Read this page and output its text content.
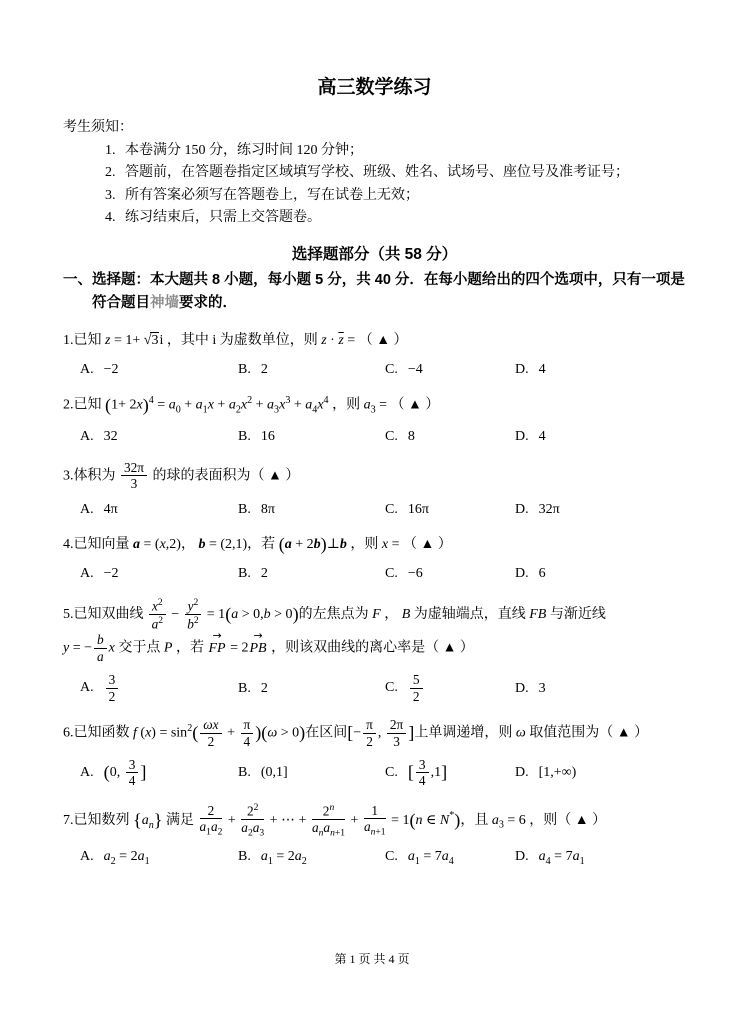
高三数学练习
考生须知：
1. 本卷满分 150 分，练习时间 120 分钟；
2. 答题前，在答题卷指定区域填写学校、班级、姓名、试场号、座位号及准考证号；
3. 所有答案必须写在答题卷上，写在试卷上无效；
4. 练习结束后，只需上交答题卷。
选择题部分（共 58 分）
一、选择题：本大题共 8 小题，每小题 5 分，共 40 分．在每小题给出的四个选项中，只有一项是
符合题目神墙要求的．
1.已知 z = 1+ √3i ，其中 i 为虚数单位，则 $z \cdot \overline{z}$ = （ ▲ ）
A. −2	B. 2	C. −4	D. 4
2.已知 $(1+ 2x)^4 = a_0 + a_1x + a_2x^2 + a_3x^3 + a_4x^4$ ，则 $a_3$ = （ ▲ ）
A. 32	B. 16	C. 8	D. 4
3.体积为 $\frac{32\pi}{3}$ 的球的表面积为（ ▲ ）
A. 4π	B. 8π	C. 16π	D. 32π
4.已知向量 a = (x,2)， b = (2,1)，若 (a + 2b)⊥b ，则 x = （ ▲ ）
A. −2	B. 2	C. −6	D. 6
5.已知双曲线 $\frac{x^2}{a^2} - \frac{y^2}{b^2} = 1(a > 0,b > 0)$的左焦点为 F ， B 为虚轴端点，直线 FB 与渐近线
y = − $\frac{b}{a}$ x 交于点 P ，若 → FP = 2→ PB ，则该双曲线的离心率是（ ▲ ）
A. $\frac{3}{2}$	B. 2	C. $\frac{5}{2}$	D. 3
6.已知函数 f $(x) = \sin^2( \frac{\omega x}{2} + \frac{\pi}{4} )(\omega > 0)$在区间[− $\frac{\pi}{2}$ , $\frac{2\pi}{3}$ ]上单调递增，则 ω 取值范围为（ ▲ ）
A. (0, $\frac{3}{4}$ ]	B. (0,1]	C. [ $\frac{3}{4} ,1$]	D. [1,+∞)
7.已知数列 $\{a_n\}$ 满足 $\frac{2}{a_1a_2} + \frac{2^2}{a_2a_3}$ + ⋯ +
2$^n$
$a_na_{n+1}$
+ $\frac{1}{a_{n+1}} = 1(n$ ∈ N*)，且 $a_3 = 6$ ，则（ ▲ ）
A. $a_2 = 2a_1$	B. $a_1 = 2a_2$	C. $a_1 = 7a_4$	D. $a_4 = 7a_1$
第 1 页 共 4 页
